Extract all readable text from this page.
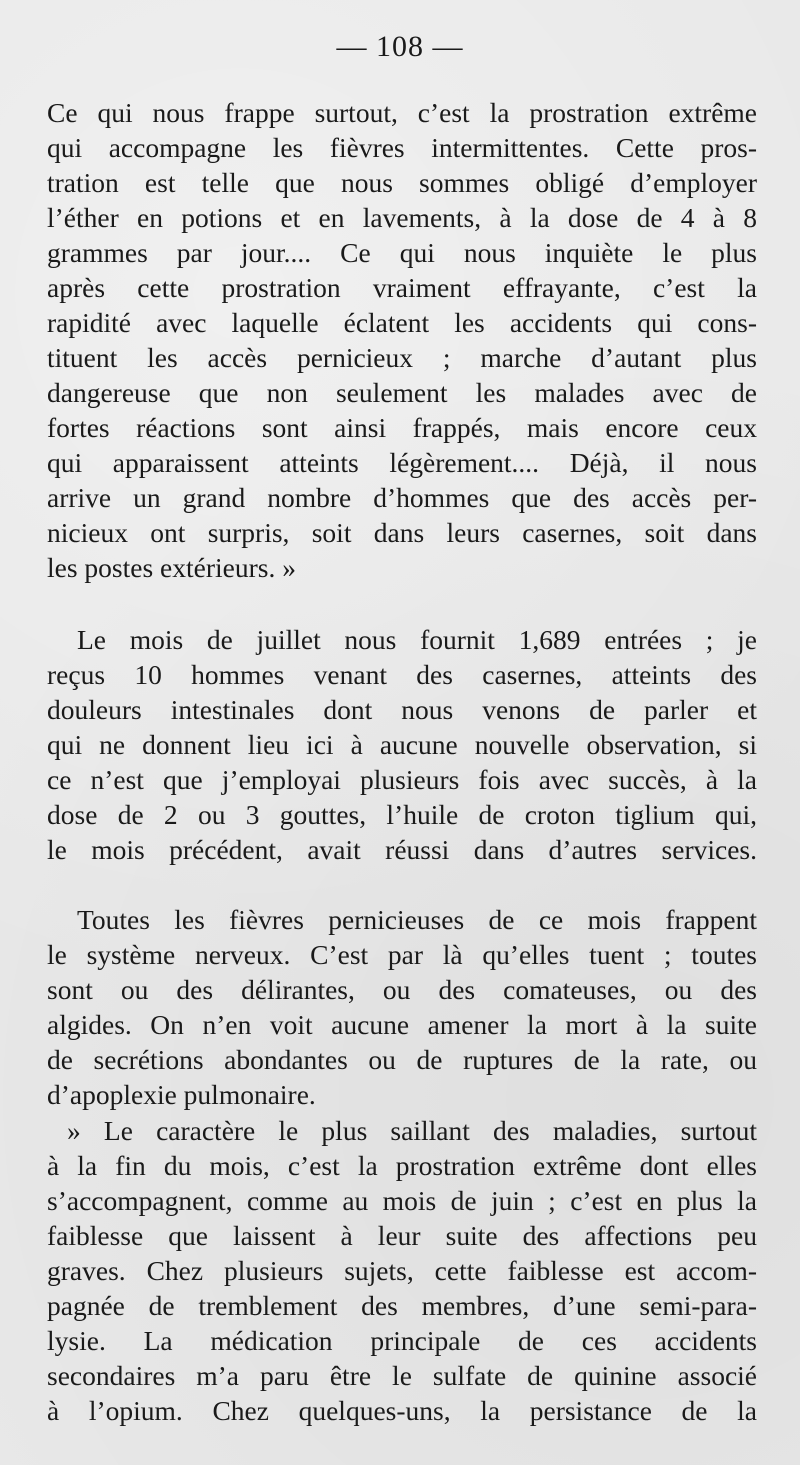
— 108 —
Ce qui nous frappe surtout, c’est la prostration extrême
qui accompagne les fièvres intermittentes. Cette pros-
tration est telle que nous sommes obligé d’employer
l’éther en potions et en lavements, à la dose de 4 à 8
grammes par jour.... Ce qui nous inquiète le plus
après cette prostration vraiment effrayante, c’est la
rapidité avec laquelle éclatent les accidents qui cons-
tituent les accès pernicieux ; marche d’autant plus
dangereuse que non seulement les malades avec de
fortes réactions sont ainsi frappés, mais encore ceux
qui apparaissent atteints légèrement.... Déjà, il nous
arrive un grand nombre d’hommes que des accès per-
nicieux ont surpris, soit dans leurs casernes, soit dans
les postes extérieurs. »
Le mois de juillet nous fournit 1,689 entrées ; je
reçus 10 hommes venant des casernes, atteints des
douleurs intestinales dont nous venons de parler et
qui ne donnent lieu ici à aucune nouvelle observation, si
ce n’est que j’employai plusieurs fois avec succès, à la
dose de 2 ou 3 gouttes, l’huile de croton tiglium qui,
le mois précédent, avait réussi dans d’autres services.
Toutes les fièvres pernicieuses de ce mois frappent
le système nerveux. C’est par là qu’elles tuent ; toutes
sont ou des délirantes, ou des comateuses, ou des
algides. On n’en voit aucune amener la mort à la suite
de secrétions abondantes ou de ruptures de la rate, ou
d’apoplexie pulmonaire.
» Le caractère le plus saillant des maladies, surtout
à la fin du mois, c’est la prostration extrême dont elles
s’accompagnent, comme au mois de juin ; c’est en plus la
faiblesse que laissent à leur suite des affections peu
graves. Chez plusieurs sujets, cette faiblesse est accom-
pagnée de tremblement des membres, d’une semi-para-
lysie. La médication principale de ces accidents
secondaires m’a paru être le sulfate de quinine associé
à l’opium. Chez quelques-uns, la persistance de la
